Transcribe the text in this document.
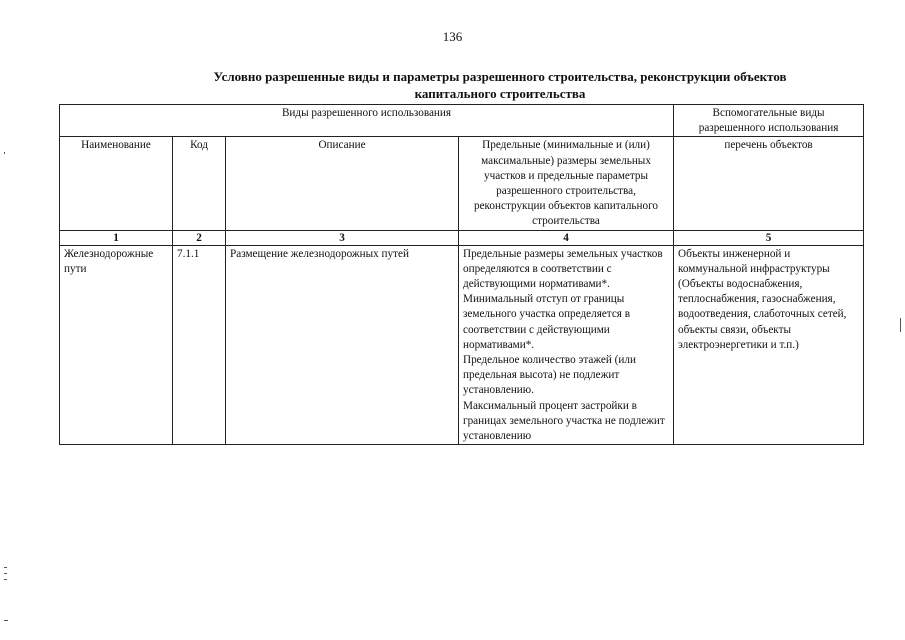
136
Условно разрешенные виды и параметры разрешенного строительства, реконструкции объектов
капитального строительства
Виды разрешенного использования				Вспомогательные виды разрешенного использования
Наименование	Код	Описание	Предельные (минимальные и (или) максимальные) размеры земельных участков и предельные параметры разрешенного строительства, реконструкции объектов капитального строительства	перечень объектов
1	2	3	4	5
Железнодорожные пути	7.1.1	Размещение железнодорожных путей	Предельные размеры земельных участков определяются в соответствии с действующими нормативами*.
Минимальный отступ от границы земельного участка определяется в соответствии с действующими нормативами*.
Предельное количество этажей (или предельная высота) не подлежит установлению.
Максимальный процент застройки в границах земельного участка не подлежит установлению	Объекты инженерной и коммунальной инфраструктуры (Объекты водоснабжения, теплоснабжения, газоснабжения, водоотведения, слаботочных сетей, объекты связи, объекты электроэнергетики и т.п.)
